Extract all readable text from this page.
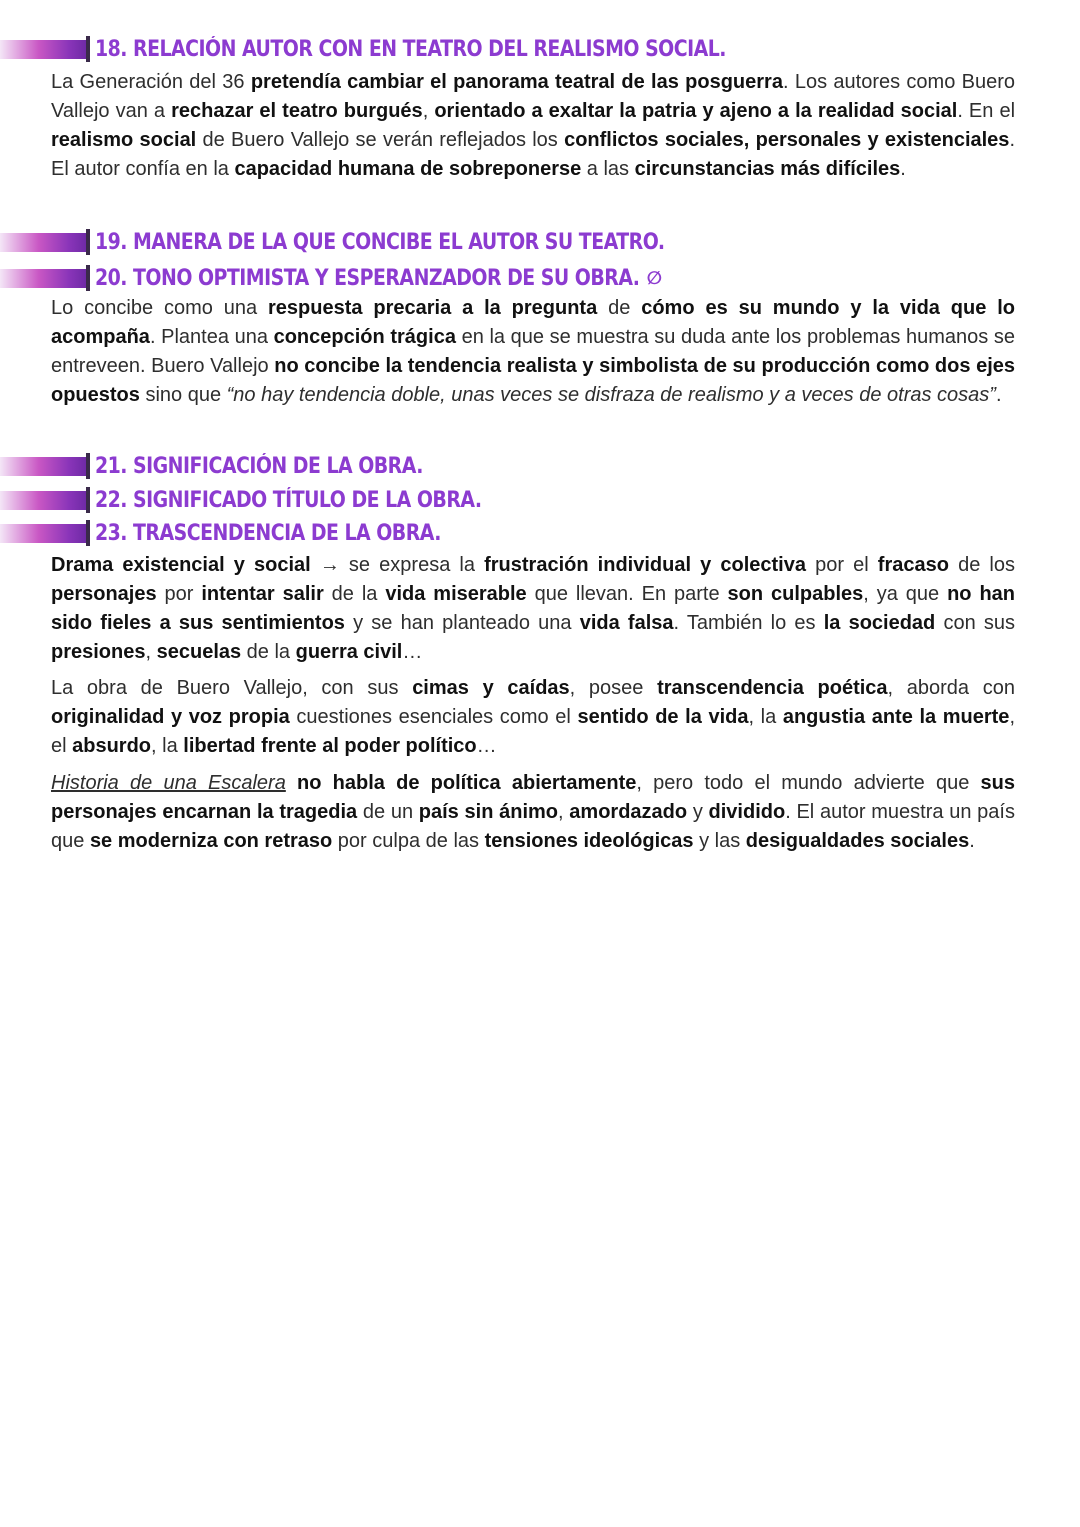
18. RELACIÓN AUTOR CON EN TEATRO DEL REALISMO SOCIAL.

La Generación del 36 pretendía cambiar el panorama teatral de las posguerra. Los autores como Buero Vallejo van a rechazar el teatro burgués, orientado a exaltar la patria y ajeno a la realidad social. En el realismo social de Buero Vallejo se verán reflejados los conflictos sociales, personales y existenciales. El autor confía en la capacidad humana de sobreponerse a las circunstancias más difíciles.

19. MANERA DE LA QUE CONCIBE EL AUTOR SU TEATRO.
20. TONO OPTIMISTA Y ESPERANZADOR DE SU OBRA. ∅

Lo concibe como una respuesta precaria a la pregunta de cómo es su mundo y la vida que lo acompaña. Plantea una concepción trágica en la que se muestra su duda ante los problemas humanos se entreveen. Buero Vallejo no concibe la tendencia realista y simbolista de su producción como dos ejes opuestos sino que “no hay tendencia doble, unas veces se disfraza de realismo y a veces de otras cosas”.

21. SIGNIFICACIÓN DE LA OBRA.
22. SIGNIFICADO TÍTULO DE LA OBRA.
23. TRASCENDENCIA DE LA OBRA.

Drama existencial y social → se expresa la frustración individual y colectiva por el fracaso de los personajes por intentar salir de la vida miserable que llevan. En parte son culpables, ya que no han sido fieles a sus sentimientos y se han planteado una vida falsa. También lo es la sociedad con sus presiones, secuelas de la guerra civil…

La obra de Buero Vallejo, con sus cimas y caídas, posee transcendencia poética, aborda con originalidad y voz propia cuestiones esenciales como el sentido de la vida, la angustia ante la muerte, el absurdo, la libertad frente al poder político…

Historia de una Escalera no habla de política abiertamente, pero todo el mundo advierte que sus personajes encarnan la tragedia de un país sin ánimo, amordazado y dividido. El autor muestra un país que se moderniza con retraso por culpa de las tensiones ideológicas y las desigualdades sociales.
